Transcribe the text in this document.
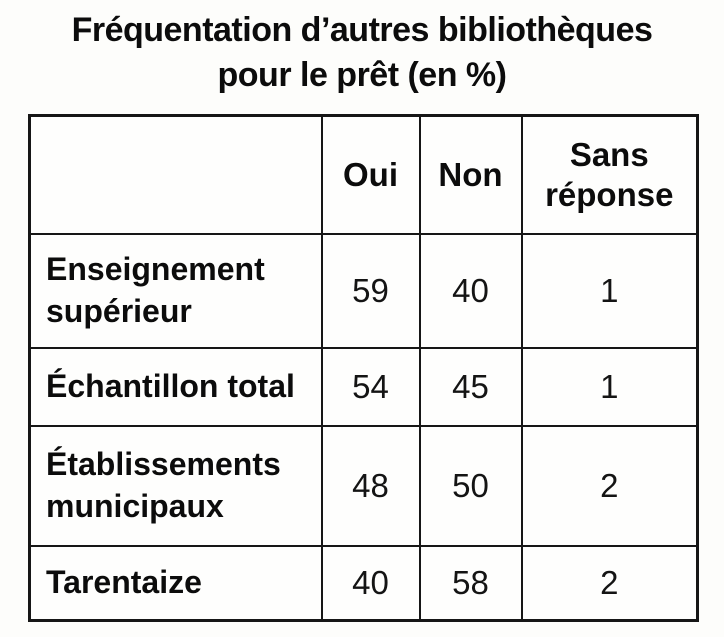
Fréquentation d’autres bibliothèques
pour le prêt (en %)
	Oui	Non	Sans réponse
Enseignement supérieur	59	40	1
Échantillon total	54	45	1
Établissements municipaux	48	50	2
Tarentaize	40	58	2
